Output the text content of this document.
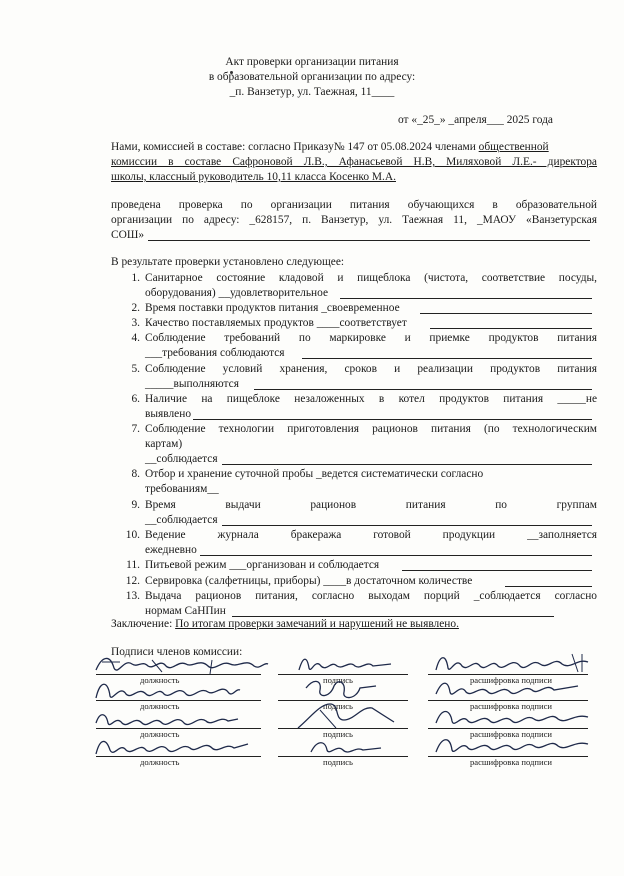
Акт проверки организации питания
в образовательной организации по адресу:
_п. Ванзетур, ул. Таежная, 11____
от «_25_» _апреля___ 2025 года
Нами, комиссией в составе: согласно Приказу№ 147 от 05.08.2024 членами общественной
комиссии в составе Сафроновой Л.В., Афанасьевой Н.В, Миляховой Л.Е.- директора
школы, классный руководитель 10,11 класса Косенко М.А.
проведена проверка по организации питания обучающихся в образовательной
организации по адресу: _628157, п. Ванзетур, ул. Таежная 11, _МАОУ «Ванзетурская
СОШ»
В результате проверки установлено следующее:
1. Санитарное состояние кладовой и пищеблока (чистота, соответствие посуды,
оборудования) __удовлетворительное
2. Время поставки продуктов питания _своевременное
3. Качество поставляемых продуктов ____соответствует
4. Соблюдение требований по маркировке и приемке продуктов питания
___требования соблюдаются
5. Соблюдение условий хранения, сроков и реализации продуктов питания
_____выполняются
6. Наличие на пищеблоке незаложенных в котел продуктов питания _____не
выявлено
7. Соблюдение технологии приготовления рационов питания (по технологическим
картам)
__соблюдается
8. Отбор и хранение суточной пробы _ведется систематически согласно
требованиям__
9. Время выдачи рационов питания по группам
__соблюдается
10. Ведение журнала бракеража готовой продукции __заполняется
ежедневно
11. Питьевой режим ___организован и соблюдается
12. Сервировка (салфетницы, приборы) ____в достаточном количестве
13. Выдача рационов питания, согласно выходам порций _соблюдается согласно
нормам СаНПин
Заключение: По итогам проверки замечаний и нарушений не выявлено.
Подписи членов комиссии:
должность	подпись	расшифровка подписи
должность	подпись	расшифровка подписи
должность	подпись	расшифровка подписи
должность	подпись	расшифровка подписи
